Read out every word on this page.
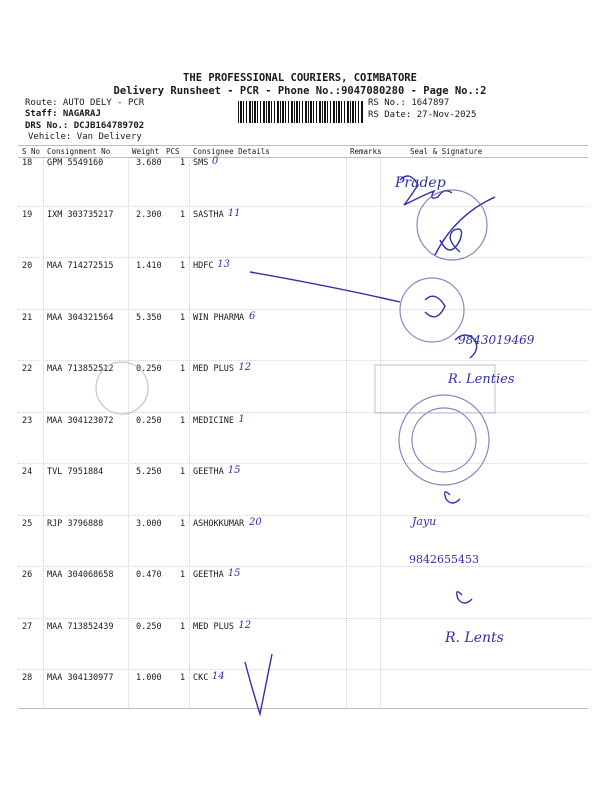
THE PROFESSIONAL COURIERS, COIMBATORE
Delivery Runsheet - PCR - Phone No.:9047080280 - Page No.:2
Route: AUTO DELY - PCR
Staff: NAGARAJ
DRS No.: DCJB164789702
Vehicle: Van Delivery
RS No.: 1647897
RS Date: 27-Nov-2025
S No Consignment No	Weight PCS Consignee Details	Remarks	Seal & Signature
18 GPM 5549160	3.680 1 SMS 0
19 IXM 303735217	2.300 1 SASTHA 11
20 MAA 714272515	1.410 1 HDFC 13
21 MAA 304321564	5.350 1 WIN PHARMA 6
22 MAA 713852512	0.250 1 MED PLUS 12
23 MAA 304123072	0.250 1 MEDICINE 1
24 TVL 7951884	5.250 1 GEETHA 15
25 RJP 3796888	3.000 1 ASHOKKUMAR 20
26 MAA 304068658	0.470 1 GEETHA 15
27 MAA 713852439	0.250 1 MED PLUS 12
28 MAA 304130977	1.000 1 CKC 14
9843019469
9842655453
Pradep
R. Lenties
Jayu
R. Lents
